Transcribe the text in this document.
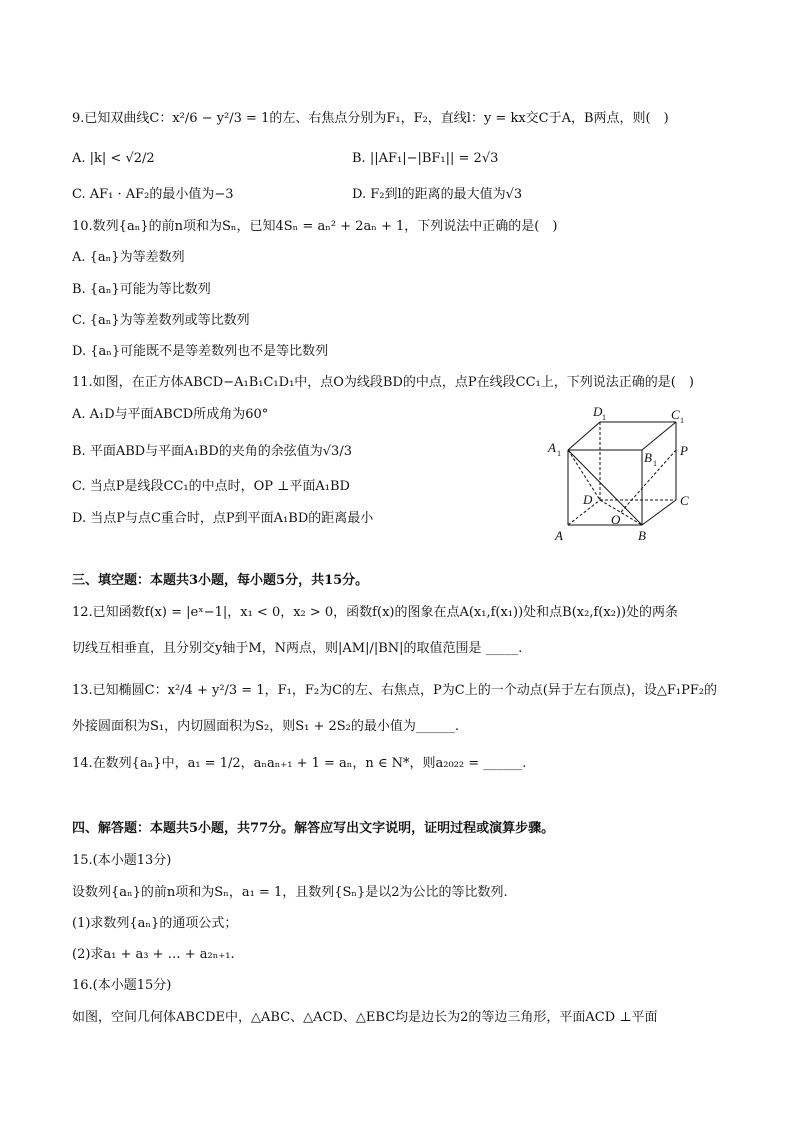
9.已知双曲线C：x²/6 − y²/3 = 1的左、右焦点分别为F₁，F₂，直线l：y = kx交C于A，B两点，则(　)
A. |k| < √2/2	B. ||AF₁|−|BF₁|| = 2√3
C. AF₁ · AF₂的最小值为−3	D. F₂到l的距离的最大值为√3
10.数列{aₙ}的前n项和为Sₙ，已知4Sₙ = aₙ² + 2aₙ + 1，下列说法中正确的是(　)
A. {aₙ}为等差数列
B. {aₙ}可能为等比数列
C. {aₙ}为等差数列或等比数列
D. {aₙ}可能既不是等差数列也不是等比数列
11.如图，在正方体ABCD−A₁B₁C₁D₁中，点O为线段BD的中点，点P在线段CC₁上，下列说法正确的是(　)
A. A₁D与平面ABCD所成角为60°
B. 平面ABD与平面A₁BD的夹角的余弦值为√3/3
C. 当点P是线段CC₁的中点时，OP ⊥平面A₁BD
D. 当点P与点C重合时，点P到平面A₁BD的距离最小
D 1	C 1
A 1	B 1
P
D
O
C
A	B
三、填空题：本题共3小题，每小题5分，共15分。
12.已知函数f(x) = |eˣ−1|，x₁ < 0，x₂ > 0，函数f(x)的图象在点A(x₁,f(x₁))处和点B(x₂,f(x₂))处的两条
切线互相垂直，且分别交y轴于M，N两点，则|AM|/|BN|的取值范围是 _____.
13.已知椭圆C：x²/4 + y²/3 = 1，F₁，F₂为C的左、右焦点，P为C上的一个动点(异于左右顶点)，设△F₁PF₂的
外接圆面积为S₁，内切圆面积为S₂，则S₁ + 2S₂的最小值为______.
14.在数列{aₙ}中，a₁ = 1/2，aₙaₙ₊₁ + 1 = aₙ，n ∈ N*，则a₂₀₂₂ = ______.
四、解答题：本题共5小题，共77分。解答应写出文字说明，证明过程或演算步骤。
15.(本小题13分)
设数列{aₙ}的前n项和为Sₙ，a₁ = 1，且数列{Sₙ}是以2为公比的等比数列.
(1)求数列{aₙ}的通项公式；
(2)求a₁ + a₃ + … + a₂ₙ₊₁.
16.(本小题15分)
如图，空间几何体ABCDE中，△ABC、△ACD、△EBC均是边长为2的等边三角形，平面ACD ⊥平面
